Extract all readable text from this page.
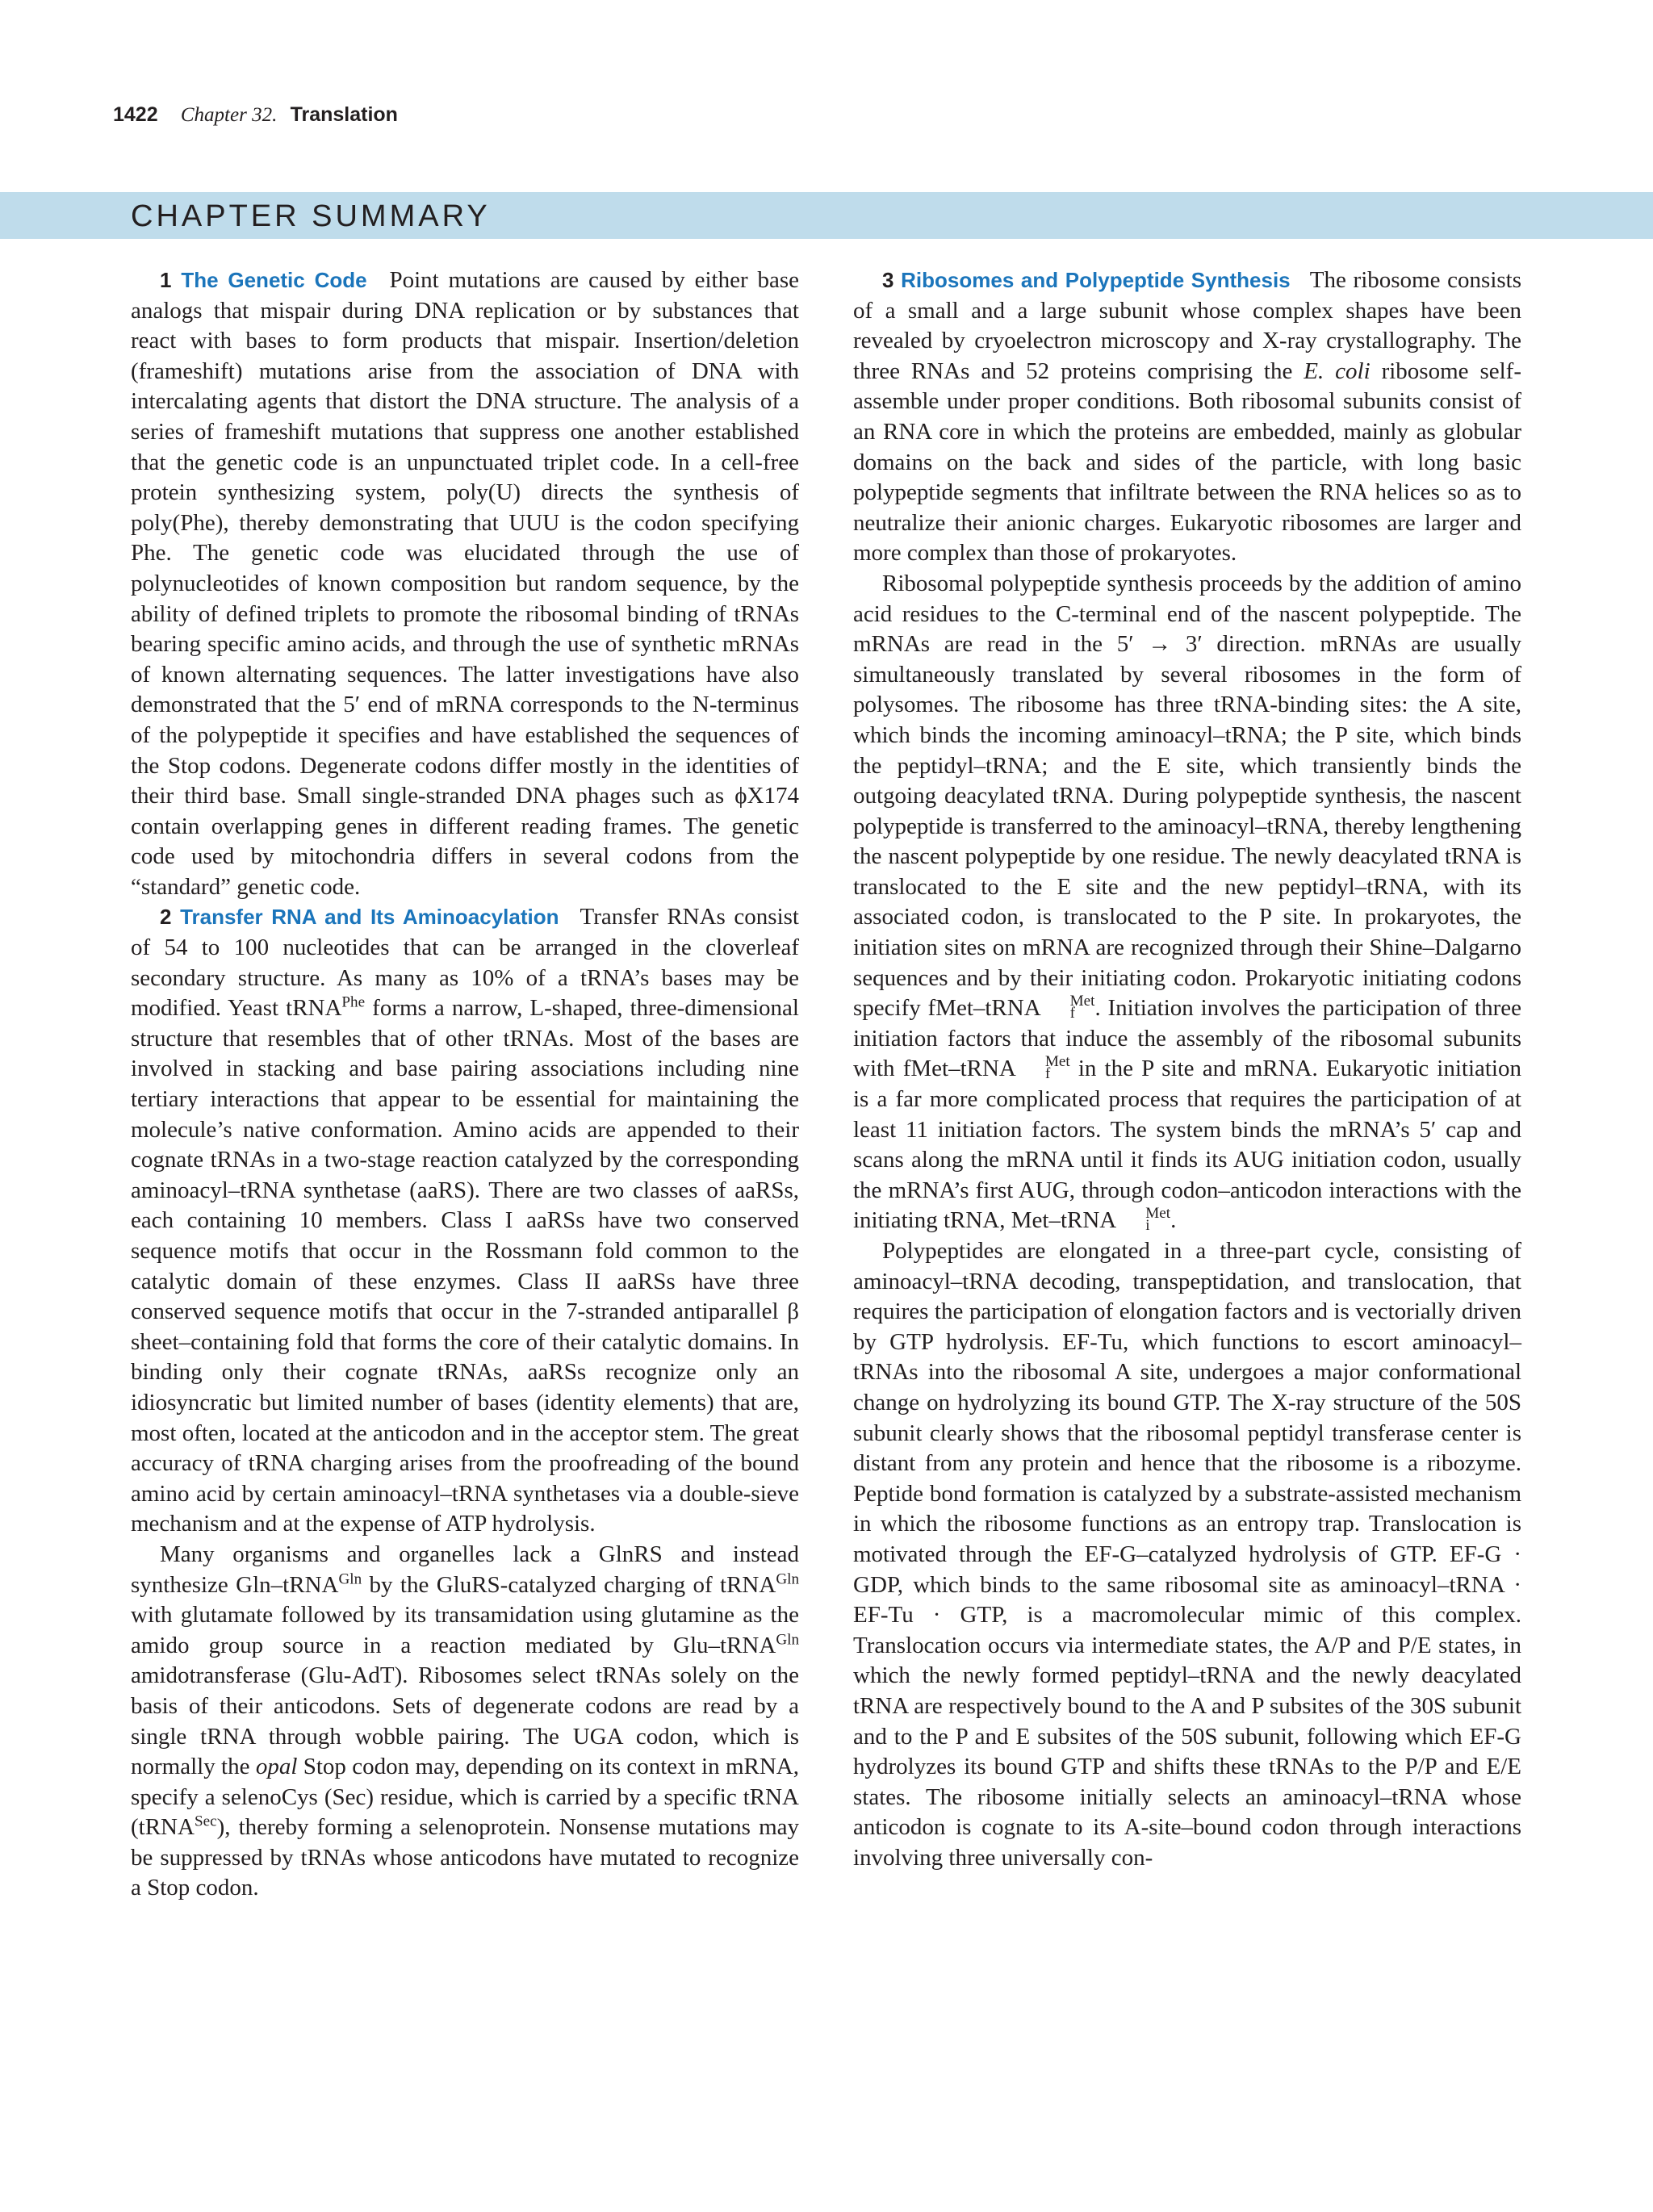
1422 Chapter 32. Translation
CHAPTER SUMMARY

1 The Genetic Code Point mutations are caused by either base analogs that mispair during DNA replication or by substances that react with bases to form products that mispair. Insertion/deletion (frameshift) mutations arise from the association of DNA with intercalating agents that distort the DNA structure. The analysis of a series of frameshift mutations that suppress one another established that the genetic code is an unpunctuated triplet code. In a cell-free protein synthesizing system, poly(U) directs the synthesis of poly(Phe), thereby demonstrating that UUU is the codon specifying Phe. The genetic code was elucidated through the use of polynucleotides of known composition but random sequence, by the ability of defined triplets to promote the ribosomal binding of tRNAs bearing specific amino acids, and through the use of synthetic mRNAs of known alternating sequences. The latter investigations have also demonstrated that the 5′ end of mRNA corresponds to the N-terminus of the polypeptide it specifies and have established the sequences of the Stop codons. Degenerate codons differ mostly in the identities of their third base. Small single-stranded DNA phages such as ϕX174 contain overlapping genes in different reading frames. The genetic code used by mitochondria differs in several codons from the “standard” genetic code.

2 Transfer RNA and Its Aminoacylation Transfer RNAs consist of 54 to 100 nucleotides that can be arranged in the cloverleaf secondary structure. As many as 10% of a tRNA’s bases may be modified. Yeast tRNA$^{Phe}$ forms a narrow, L-shaped, three-dimensional structure that resembles that of other tRNAs. Most of the bases are involved in stacking and base pairing associations including nine tertiary interactions that appear to be essential for maintaining the molecule’s native conformation. Amino acids are appended to their cognate tRNAs in a two-stage reaction catalyzed by the corresponding aminoacyl–tRNA synthetase (aaRS). There are two classes of aaRSs, each containing 10 members. Class I aaRSs have two conserved sequence motifs that occur in the Rossmann fold common to the catalytic domain of these enzymes. Class II aaRSs have three conserved sequence motifs that occur in the 7-stranded antiparallel β sheet–containing fold that forms the core of their catalytic domains. In binding only their cognate tRNAs, aaRSs recognize only an idiosyncratic but limited number of bases (identity elements) that are, most often, located at the anticodon and in the acceptor stem. The great accuracy of tRNA charging arises from the proofreading of the bound amino acid by certain aminoacyl–tRNA synthetases via a double-sieve mechanism and at the expense of ATP hydrolysis.

Many organisms and organelles lack a GlnRS and instead synthesize Gln–tRNA$^{Gln}$ by the GluRS-catalyzed charging of tRNA$^{Gln}$ with glutamate followed by its transamidation using glutamine as the amido group source in a reaction mediated by Glu–tRNA$^{Gln}$ amidotransferase (Glu-AdT). Ribosomes select tRNAs solely on the basis of their anticodons. Sets of degenerate codons are read by a single tRNA through wobble pairing. The UGA codon, which is normally the opal Stop codon may, depending on its context in mRNA, specify a selenoCys (Sec) residue, which is carried by a specific tRNA (tRNA$^{Sec}$), thereby forming a selenoprotein. Nonsense mutations may be suppressed by tRNAs whose anticodons have mutated to recognize a Stop codon.

3 Ribosomes and Polypeptide Synthesis The ribosome consists of a small and a large subunit whose complex shapes have been revealed by cryoelectron microscopy and X-ray crystallography. The three RNAs and 52 proteins comprising the E. coli ribosome self-assemble under proper conditions. Both ribosomal subunits consist of an RNA core in which the proteins are embedded, mainly as globular domains on the back and sides of the particle, with long basic polypeptide segments that infiltrate between the RNA helices so as to neutralize their anionic charges. Eukaryotic ribosomes are larger and more complex than those of prokaryotes.

Ribosomal polypeptide synthesis proceeds by the addition of amino acid residues to the C-terminal end of the nascent polypeptide. The mRNAs are read in the 5′ → 3′ direction. mRNAs are usually simultaneously translated by several ribosomes in the form of polysomes. The ribosome has three tRNA-binding sites: the A site, which binds the incoming aminoacyl–tRNA; the P site, which binds the peptidyl–tRNA; and the E site, which transiently binds the outgoing deacylated tRNA. During polypeptide synthesis, the nascent polypeptide is transferred to the aminoacyl–tRNA, thereby lengthening the nascent polypeptide by one residue. The newly deacylated tRNA is translocated to the E site and the new peptidyl–tRNA, with its associated codon, is translocated to the P site. In prokaryotes, the initiation sites on mRNA are recognized through their Shine–Dalgarno sequences and by their initiating codon. Prokaryotic initiating codons specify fMet–tRNA	Met
f . Initiation involves the participation of three initiation factors that induce the assembly of the ribosomal subunits with fMet–tRNA	Met
f in the P site and mRNA. Eukaryotic initiation is a far more complicated process that requires the participation of at least 11 initiation factors. The system binds the mRNA’s 5′ cap and scans along the mRNA until it finds its AUG initiation codon, usually the mRNA’s first AUG, through codon–anticodon interactions with the initiating tRNA, Met–tRNA	Met
i .

Polypeptides are elongated in a three-part cycle, consisting of aminoacyl–tRNA decoding, transpeptidation, and translocation, that requires the participation of elongation factors and is vectorially driven by GTP hydrolysis. EF-Tu, which functions to escort aminoacyl–tRNAs into the ribosomal A site, undergoes a major conformational change on hydrolyzing its bound GTP. The X-ray structure of the 50S subunit clearly shows that the ribosomal peptidyl transferase center is distant from any protein and hence that the ribosome is a ribozyme. Peptide bond formation is catalyzed by a substrate-assisted mechanism in which the ribosome functions as an entropy trap. Translocation is motivated through the EF-G–catalyzed hydrolysis of GTP. EF-G · GDP, which binds to the same ribosomal site as aminoacyl–tRNA · EF-Tu · GTP, is a macromolecular mimic of this complex. Translocation occurs via intermediate states, the A/P and P/E states, in which the newly formed peptidyl–tRNA and the newly deacylated tRNA are respectively bound to the A and P subsites of the 30S subunit and to the P and E subsites of the 50S subunit, following which EF-G hydrolyzes its bound GTP and shifts these tRNAs to the P/P and E/E states. The ribosome initially selects an aminoacyl–tRNA whose anticodon is cognate to its A-site–bound codon through interactions involving three universally con-
